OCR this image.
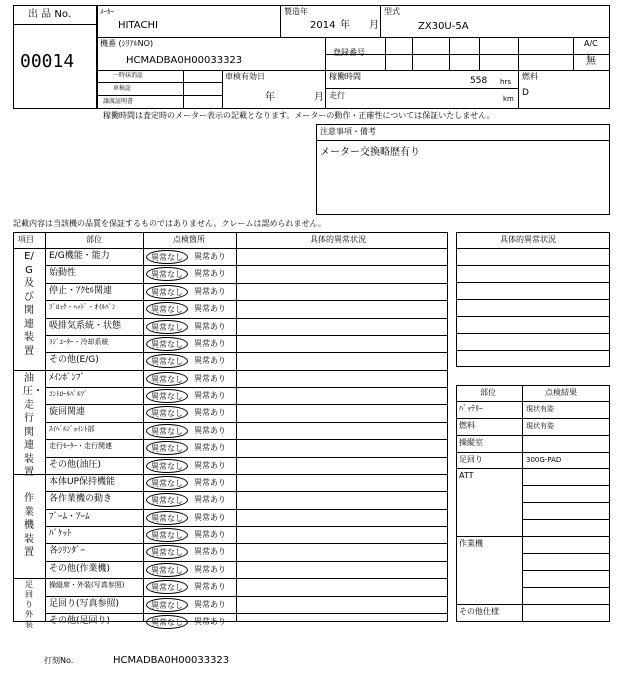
出 品 No.
00014
ﾒｰｶｰ
HITACHI
製造年
2014 年 月
型式
ZX30U-5A
機番 (ｼﾘｱﾙNO)
HCMADBA0H00033323
登録番号
A/C
無
一時抹消証
車検証
譲渡証明書
車検有効日
年	月
稼働時間	558 hrs
走行	km
燃料
D
稼働時間は査定時のメーター表示の記載となります。メーターの動作・正確性については保証いたしません。
注意事項・備考
メーター交換略歴有り
記載内容は当該機の品質を保証するものではありません。クレームは認められません。
項目	部位	点検箇所	具体的異常状況
E/G及び関連装置
E/G機能・能力	異常なし	異常あり
始動性	異常なし	異常あり
停止・ｱｸｾﾙ関連	異常なし	異常あり
ﾌﾞﾛｯｸ・ﾍｯﾄﾞ・ｵｲﾙﾊﾟﾝ	異常なし	異常あり
吸排気系統・状態	異常なし	異常あり
ﾗｼﾞｴｰﾀｰ・冷却系統	異常なし	異常あり
その他(E/G)	異常なし	異常あり
油圧・走行関連装置
ﾒｲﾝﾎﾟﾝﾌﾟ	異常なし	異常あり
ｺﾝﾄﾛｰﾙﾊﾞﾙﾌﾞ	異常なし	異常あり
旋回関連	異常なし	異常あり
ｽｲﾍﾞﾙｼﾞｮｲﾝﾄ部	異常なし	異常あり
走行ﾓｰﾀｰ・走行関連	異常なし	異常あり
その他(油圧)	異常なし	異常あり
作業機装置
本体UP保持機能	異常なし	異常あり
各作業機の動き	異常なし	異常あり
ﾌﾞｰﾑ・ｱｰﾑ	異常なし	異常あり
ﾊﾞｹｯﾄ	異常なし	異常あり
各ｼﾘﾝﾀﾞｰ	異常なし	異常あり
その他(作業機)	異常なし	異常あり
足回り外装
操縦席・外装(写真参照)	異常なし	異常あり
足回り(写真参照)	異常なし	異常あり
その他(足回り)	異常なし	異常あり
具体的異常状況
部位	点検結果
ﾊﾞｯﾃﾘｰ	現状有姿
燃料	現状有姿
操縦室
足回り	300G-PAD
ATT
作業機
その他仕様
打刻No.	HCMADBA0H00033323
